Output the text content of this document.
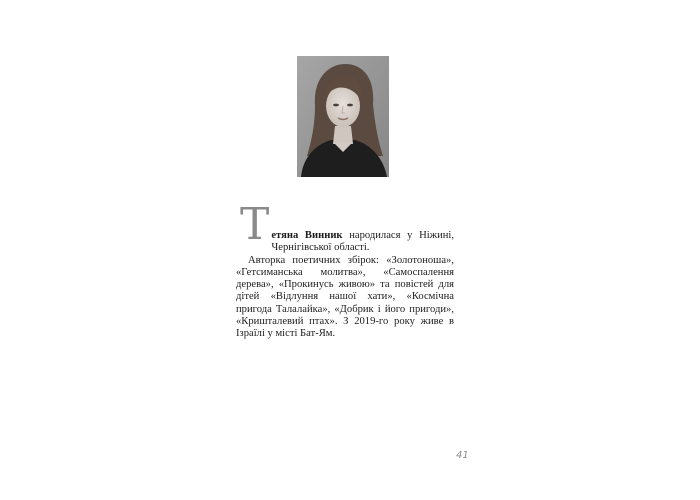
Т етяна Винник народилася у Ніжині, Чернігівської області.

Авторка поетичних збірок: «Золотоноша», «Гетсиманська молитва», «Самоспалення дерева», «Прокинусь живою» та повістей для дітей «Відлуння нашої хати», «Космічна пригода Талалайка», «Добрик і його пригоди», «Кришталевий птах». З 2019-го року живе в Ізраїлі у місті Бат-Ям.

41
